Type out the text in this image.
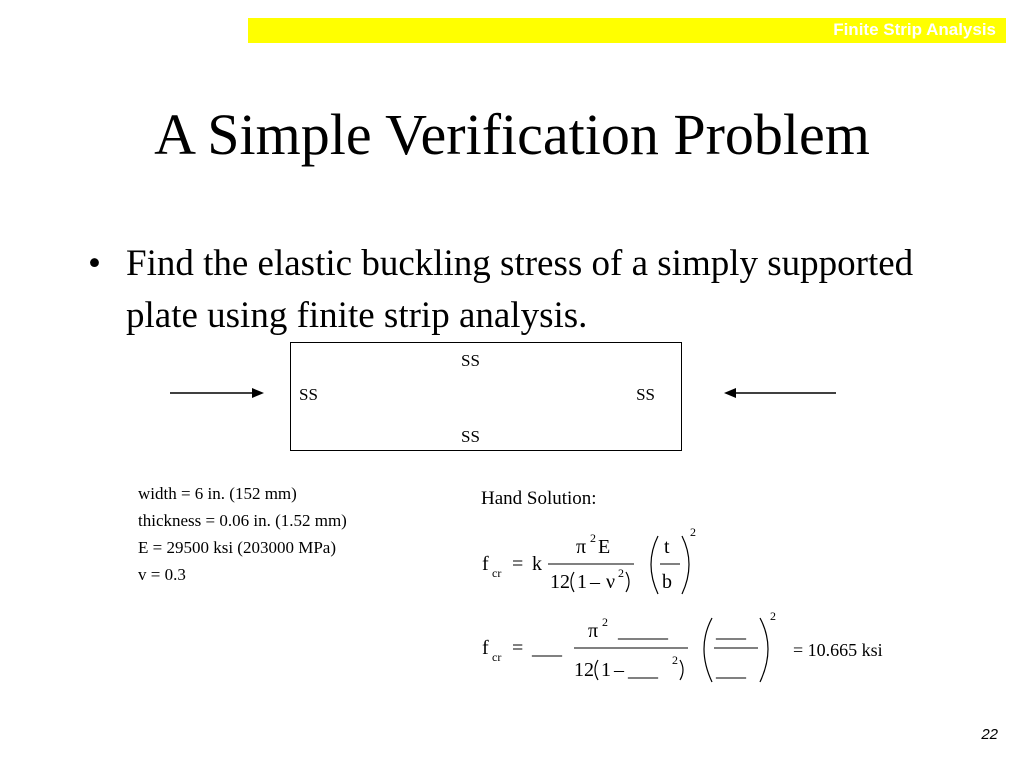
Finite Strip Analysis
A Simple Verification Problem
• Find the elastic buckling stress of a simply supported plate using finite strip analysis.
SS
SS	SS
SS
width = 6 in. (152 mm)
thickness = 0.06 in. (1.52 mm)
E = 29500 ksi (203000 MPa)
v = 0.3
Hand Solution:
f cr = k
π 2 E
12 1 – ν 2
t
b
2
f cr = ___
π 2 _____
12 1 – ___ 2
___
___
2
= 10.665 ksi
22
